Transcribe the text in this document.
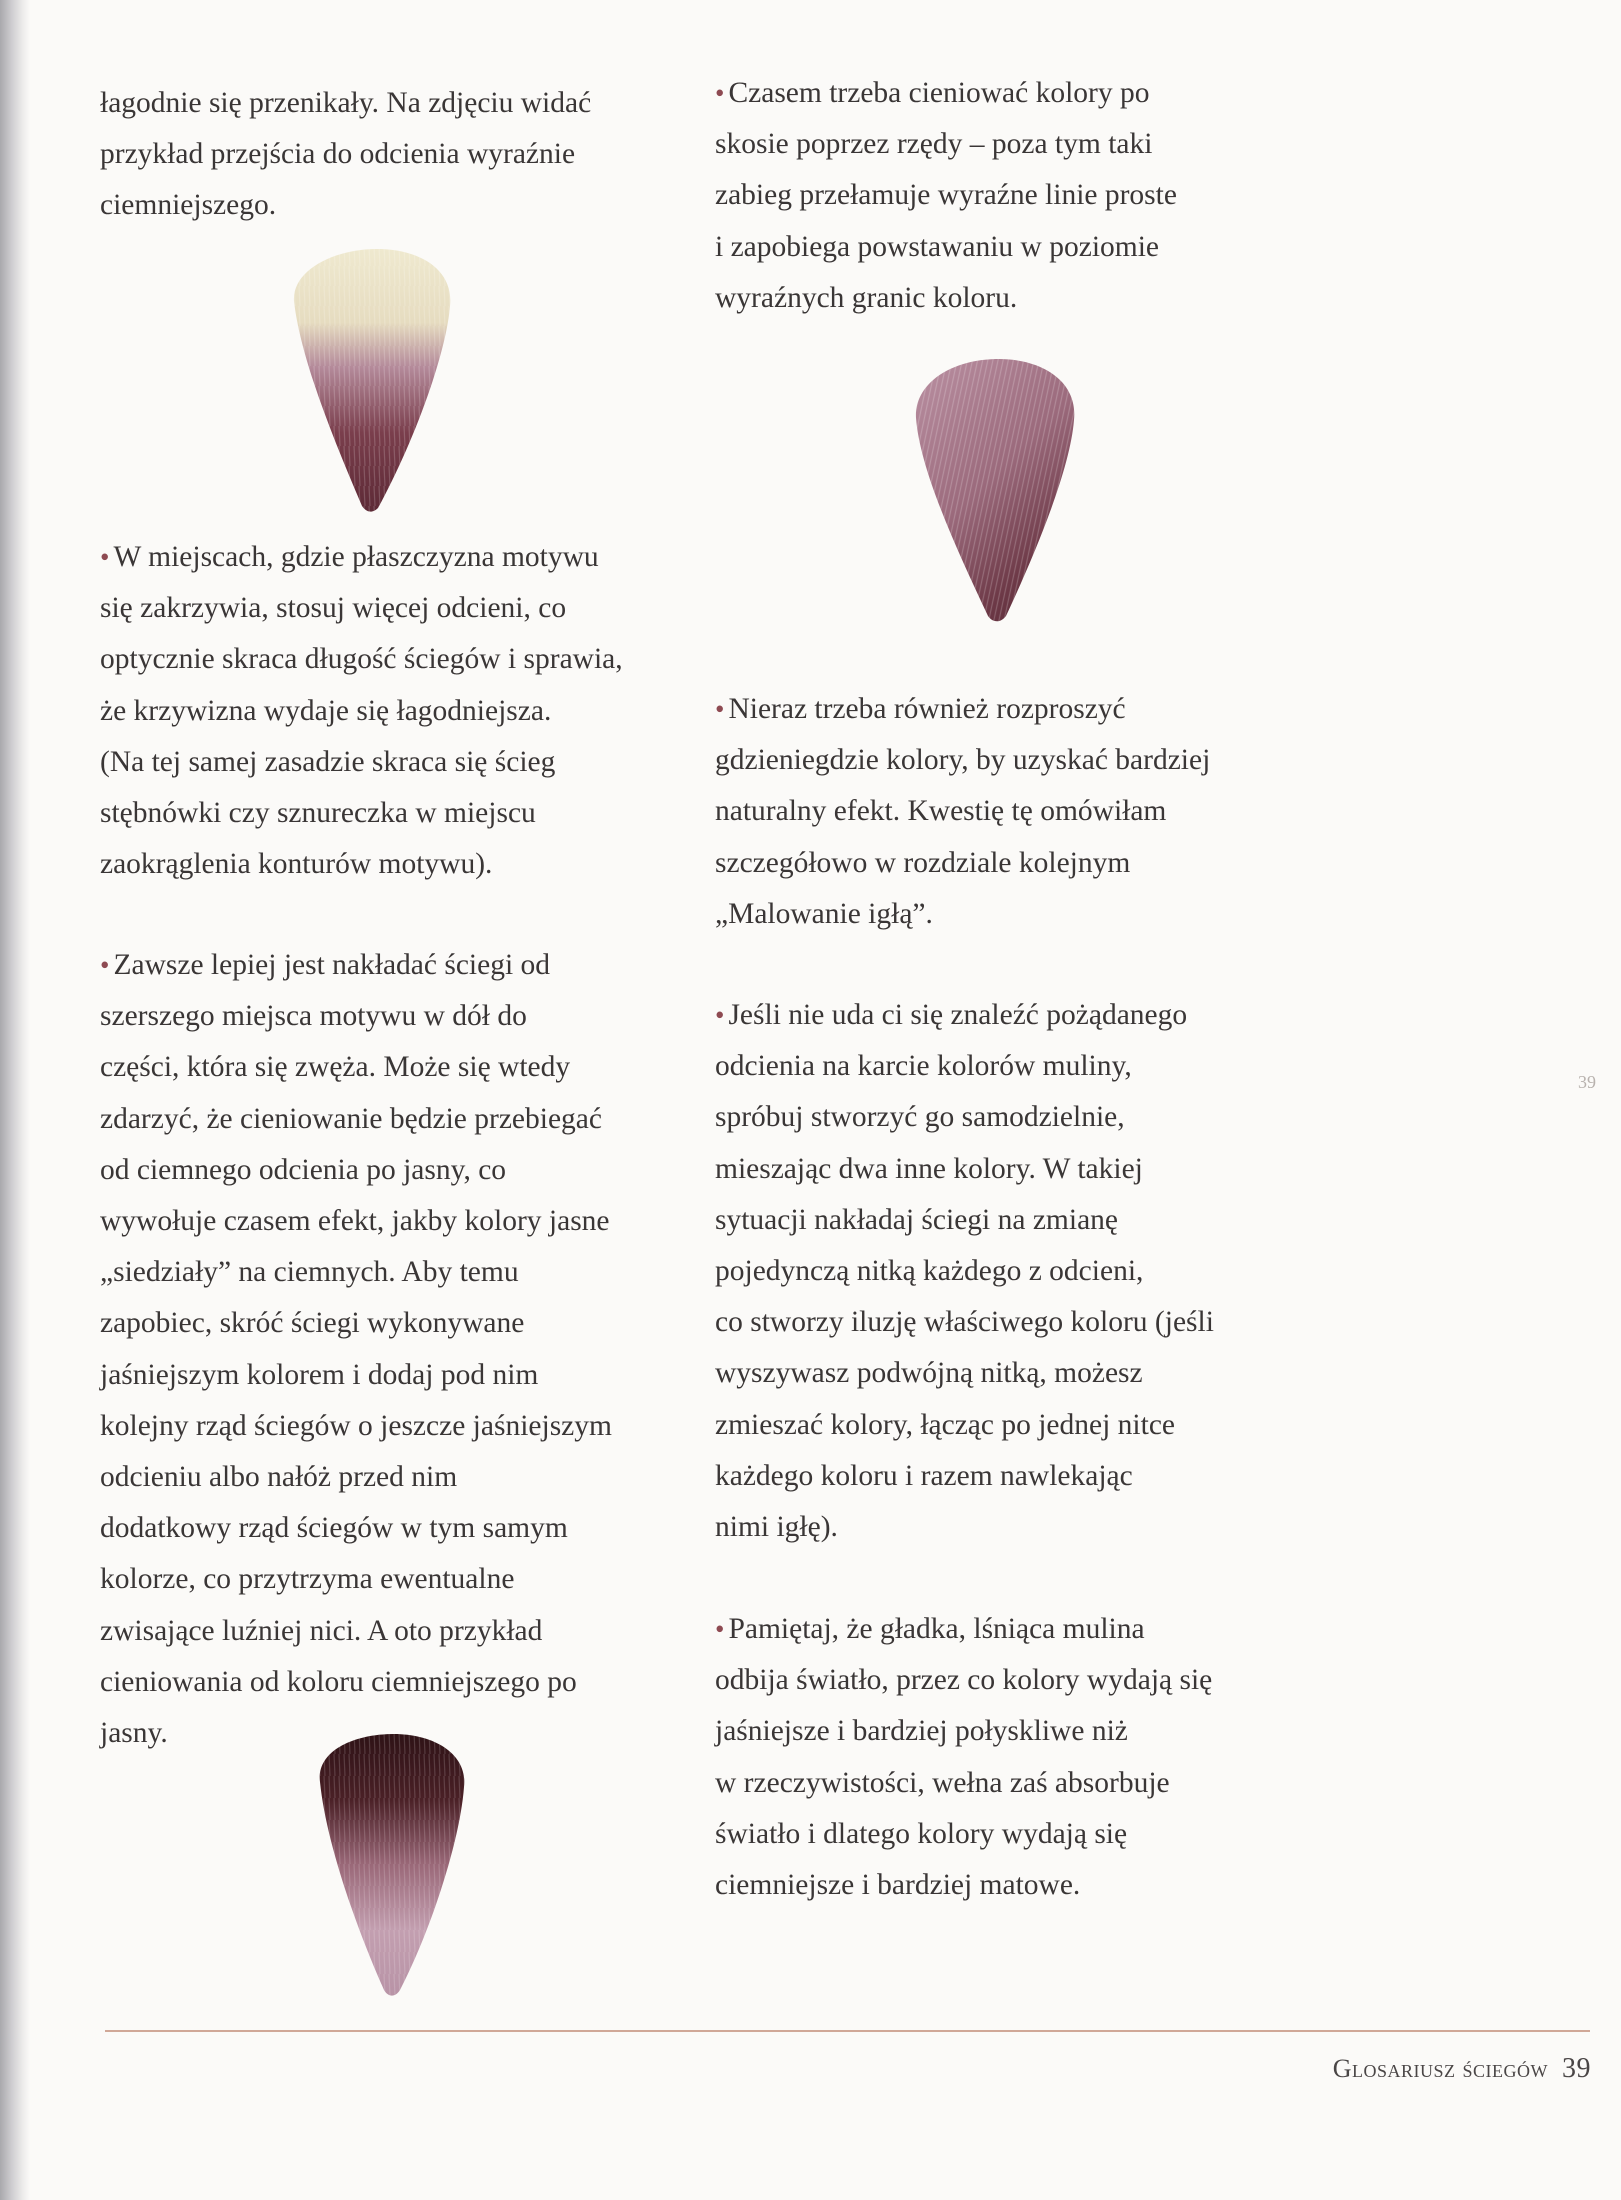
łagodnie się przenikały. Na zdjęciu widać
przykład przejścia do odcienia wyraźnie
ciemniejszego.

• W miejscach, gdzie płaszczyzna motywu
się zakrzywia, stosuj więcej odcieni, co
optycznie skraca długość ściegów i sprawia,
że krzywizna wydaje się łagodniejsza.
(Na tej samej zasadzie skraca się ścieg
stębnówki czy sznureczka w miejscu
zaokrąglenia konturów motywu).

• Zawsze lepiej jest nakładać ściegi od
szerszego miejsca motywu w dół do
części, która się zwęża. Może się wtedy
zdarzyć, że cieniowanie będzie przebiegać
od ciemnego odcienia po jasny, co
wywołuje czasem efekt, jakby kolory jasne
„siedziały” na ciemnych. Aby temu
zapobiec, skróć ściegi wykonywane
jaśniejszym kolorem i dodaj pod nim
kolejny rząd ściegów o jeszcze jaśniejszym
odcieniu albo nałóż przed nim
dodatkowy rząd ściegów w tym samym
kolorze, co przytrzyma ewentualne
zwisające luźniej nici. A oto przykład
cieniowania od koloru ciemniejszego po
jasny.

• Czasem trzeba cieniować kolory po
skosie poprzez rzędy – poza tym taki
zabieg przełamuje wyraźne linie proste
i zapobiega powstawaniu w poziomie
wyraźnych granic koloru.

• Nieraz trzeba również rozproszyć
gdzieniegdzie kolory, by uzyskać bardziej
naturalny efekt. Kwestię tę omówiłam
szczegółowo w rozdziale kolejnym
„Malowanie igłą”.

• Jeśli nie uda ci się znaleźć pożądanego
odcienia na karcie kolorów muliny,
spróbuj stworzyć go samodzielnie,
mieszając dwa inne kolory. W takiej
sytuacji nakładaj ściegi na zmianę
pojedynczą nitką każdego z odcieni,
co stworzy iluzję właściwego koloru (jeśli
wyszywasz podwójną nitką, możesz
zmieszać kolory, łącząc po jednej nitce
każdego koloru i razem nawlekając
nimi igłę).

• Pamiętaj, że gładka, lśniąca mulina
odbija światło, przez co kolory wydają się
jaśniejsze i bardziej połyskliwe niż
w rzeczywistości, wełna zaś absorbuje
światło i dlatego kolory wydają się
ciemniejsze i bardziej matowe.

39
Glosariusz ściegów 39
